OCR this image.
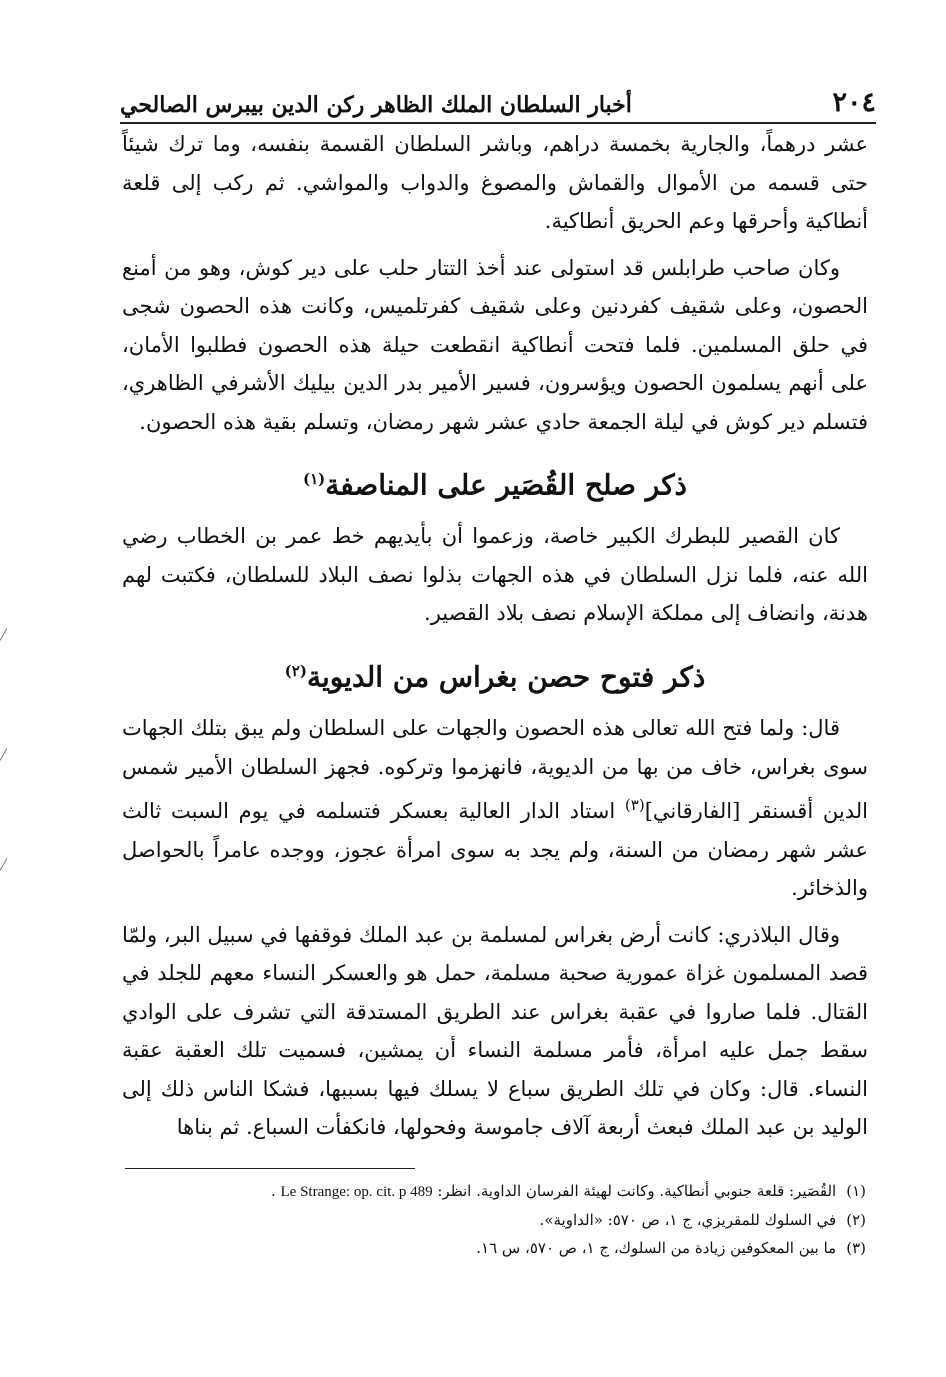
٢٠٤
أخبار السلطان الملك الظاهر ركن الدين بيبرس الصالحي

عشر درهماً، والجارية بخمسة دراهم، وباشر السلطان القسمة بنفسه، وما ترك شيئاً حتى قسمه من الأموال والقماش والمصوغ والدواب والمواشي. ثم ركب إلى قلعة أنطاكية وأحرقها وعم الحريق أنطاكية.

وكان صاحب طرابلس قد استولى عند أخذ التتار حلب على دير كوش، وهو من أمنع الحصون، وعلى شقيف كفردنين وعلى شقيف كفرتلميس، وكانت هذه الحصون شجى في حلق المسلمين. فلما فتحت أنطاكية انقطعت حيلة هذه الحصون فطلبوا الأمان، على أنهم يسلمون الحصون ويؤسرون، فسير الأمير بدر الدين بيليك الأشرفي الظاهري، فتسلم دير كوش في ليلة الجمعة حادي عشر شهر رمضان، وتسلم بقية هذه الحصون.

ذكر صلح القُصَير على المناصفة$^{(١)}$

كان القصير للبطرك الكبير خاصة، وزعموا أن بأيديهم خط عمر بن الخطاب رضي الله عنه، فلما نزل السلطان في هذه الجهات بذلوا نصف البلاد للسلطان، فكتبت لهم هدنة، وانضاف إلى مملكة الإسلام نصف بلاد القصير.

ذكر فتوح حصن بغراس من الديوية$^{(٢)}$

قال: ولما فتح الله تعالى هذه الحصون والجهات على السلطان ولم يبق بتلك الجهات سوى بغراس، خاف من بها من الديوية، فانهزموا وتركوه. فجهز السلطان الأمير شمس الدين أقسنقر [الفارقاني]$^{(٣)}$ استاد الدار العالية بعسكر فتسلمه في يوم السبت ثالث عشر شهر رمضان من السنة، ولم يجد به سوى امرأة عجوز، ووجده عامراً بالحواصل والذخائر.

وقال البلاذري: كانت أرض بغراس لمسلمة بن عبد الملك فوقفها في سبيل البر، ولمّا قصد المسلمون غزاة عمورية صحبة مسلمة، حمل هو والعسكر النساء معهم للجلد في القتال. فلما صاروا في عقبة بغراس عند الطريق المستدقة التي تشرف على الوادي سقط جمل عليه امرأة، فأمر مسلمة النساء أن يمشين، فسميت تلك العقبة عقبة النساء. قال: وكان في تلك الطريق سباع لا يسلك فيها بسببها، فشكا الناس ذلك إلى الوليد بن عبد الملك فبعث أربعة آلاف جاموسة وفحولها، فانكفأت السباع. ثم بناها

(١)
القُصَير: قلعة جنوبي أنطاكية. وكانت لهيئة الفرسان الداوية. انظر: Le Strange: op. cit. p 489 .
(٢)
في السلوك للمقريزي، ج ١، ص ٥٧٠: «الداوية».
(٣)
ما بين المعكوفين زيادة من السلوك، ج ١، ص ٥٧٠، س ١٦.
